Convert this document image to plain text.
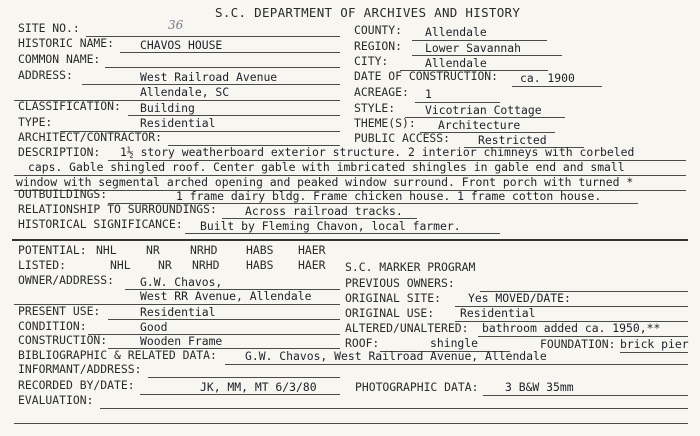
S.C. DEPARTMENT OF ARCHIVES AND HISTORY
SITE NO.:	36	COUNTY: Allendale
HISTORIC NAME: CHAVOS HOUSE	REGION: Lower Savannah
COMMON NAME:	CITY:	Allendale
ADDRESS:	West Railroad Avenue	DATE OF CONSTRUCTION: ca. 1900
Allendale, SC	ACREAGE: 1
CLASSIFICATION: Building	STYLE:	Vicotrian Cottage
TYPE:	Residential	THEME(S): Architecture
ARCHITECT/CONTRACTOR:	PUBLIC ACCESS: Restricted
DESCRIPTION: 1½ story weatherboard exterior structure. 2 interior chimneys with corbeled
caps. Gable shingled roof. Center gable with imbricated shingles in gable end and small
window with segmental arched opening and peaked window surround. Front porch with turned *
OUTBUILDINGS:	1 frame dairy bldg. Frame chicken house. 1 frame cotton house.
RELATIONSHIP TO SURROUNDINGS: Across railroad tracks.
HISTORICAL SIGNIFICANCE: Built by Fleming Chavon, local farmer.
POTENTIAL: NHL	NR	NRHD	HABS HAER
LISTED:	NHL NR NRHD HABS HAER S.C. MARKER PROGRAM
OWNER/ADDRESS: G.W. Chavos,	PREVIOUS OWNERS:
West RR Avenue, Allendale	ORIGINAL SITE: Yes MOVED/DATE:
PRESENT USE:	Residential	ORIGINAL USE: Residential
CONDITION:	Good	ALTERED/UNALTERED: bathroom added ca. 1950,**
CONSTRUCTION:	Wooden Frame	ROOF:	shingle	FOUNDATION: brick pier
BIBLIOGRAPHIC & RELATED DATA: G.W. Chavos, West Railroad Avenue, Allendale
INFORMANT/ADDRESS:
RECORDED BY/DATE:	JK, MM, MT 6/3/80	PHOTOGRAPHIC DATA: 3 B&W 35mm
EVALUATION:
